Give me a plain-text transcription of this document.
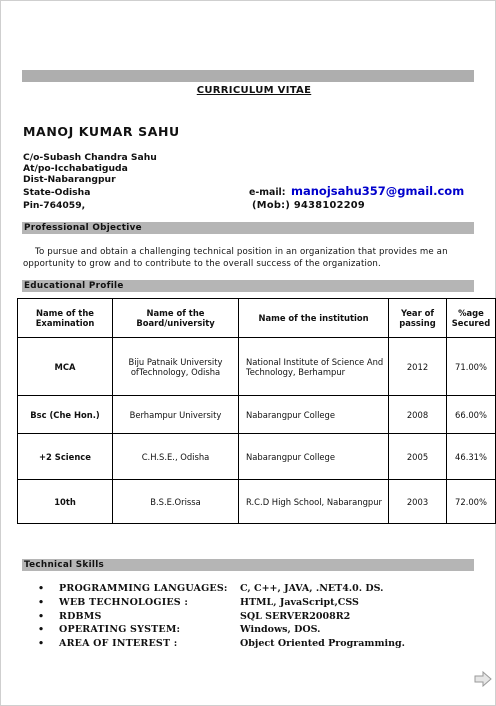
CURRICULUM VITAE
MANOJ KUMAR SAHU
C/o-Subash Chandra Sahu
At/po-Icchabatiguda
Dist-Nabarangpur
State-Odisha
Pin-764059,
e-mail: manojsahu357@gmail.com
(Mob:) 9438102209
Professional Objective
To pursue and obtain a challenging technical position in an organization that provides me an opportunity to grow and to contribute to the overall success of the organization.
Educational Profile
Name of the Examination	Name of the Board/university	Name of the institution	Year of passing	%age Secured
MCA	Biju Patnaik University ofTechnology, Odisha	National Institute of Science And Technology, Berhampur	2012	71.00%
Bsc (Che Hon.)	Berhampur University	Nabarangpur College	2008	66.00%
+2 Science	C.H.S.E., Odisha	Nabarangpur College	2005	46.31%
10th	B.S.E.Orissa	R.C.D High School, Nabarangpur	2003	72.00%
Technical Skills
• PROGRAMMING LANGUAGES: C, C++, JAVA, .NET4.0. DS.
• WEB TECHNOLOGIES :	HTML, JavaScript,CSS
• RDBMS	SQL SERVER2008R2
• OPERATING SYSTEM:	Windows, DOS.
• AREA OF INTEREST :	Object Oriented Programming.
